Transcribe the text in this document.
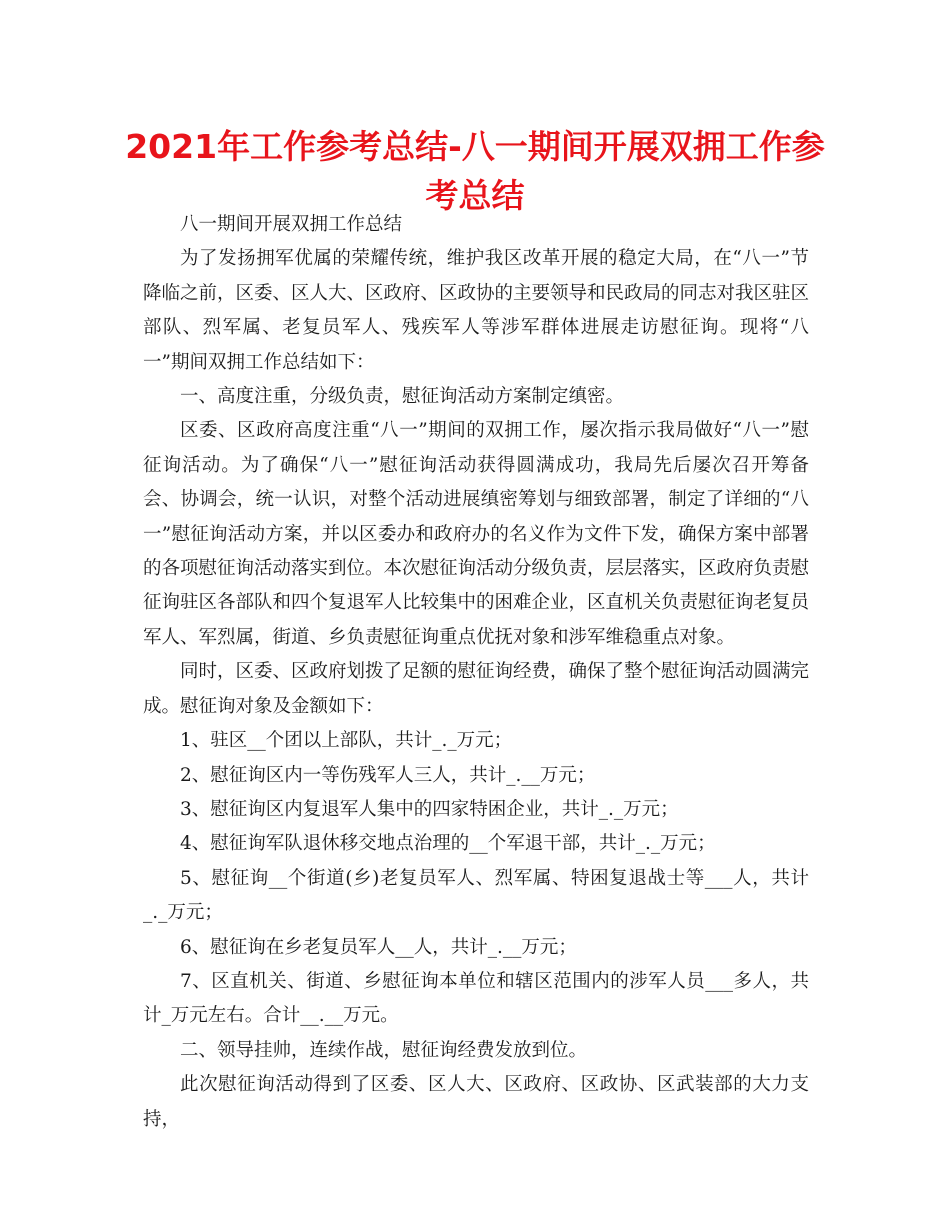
2021年工作参考总结-八一期间开展双拥工作参考总结

八一期间开展双拥工作总结

为了发扬拥军优属的荣耀传统，维护我区改革开展的稳定大局，在“八一”节降临之前，区委、区人大、区政府、区政协的主要领导和民政局的同志对我区驻区部队、烈军属、老复员军人、残疾军人等涉军群体进展走访慰征询。现将“八一”期间双拥工作总结如下：

一、高度注重，分级负责，慰征询活动方案制定缜密。

区委、区政府高度注重“八一”期间的双拥工作，屡次指示我局做好“八一”慰征询活动。为了确保“八一”慰征询活动获得圆满成功，我局先后屡次召开筹备会、协调会，统一认识，对整个活动进展缜密筹划与细致部署，制定了详细的“八一”慰征询活动方案，并以区委办和政府办的名义作为文件下发，确保方案中部署的各项慰征询活动落实到位。本次慰征询活动分级负责，层层落实，区政府负责慰征询驻区各部队和四个复退军人比较集中的困难企业，区直机关负责慰征询老复员军人、军烈属，街道、乡负责慰征询重点优抚对象和涉军维稳重点对象。

同时，区委、区政府划拨了足额的慰征询经费，确保了整个慰征询活动圆满完成。慰征询对象及金额如下：

1、驻区__个团以上部队，共计_._万元；

2、慰征询区内一等伤残军人三人，共计_.__万元；

3、慰征询区内复退军人集中的四家特困企业，共计_._万元；

4、慰征询军队退休移交地点治理的__个军退干部，共计_._万元；

5、慰征询__个街道(乡)老复员军人、烈军属、特困复退战士等___人，共计_._万元；

6、慰征询在乡老复员军人__人，共计_.__万元；

7、区直机关、街道、乡慰征询本单位和辖区范围内的涉军人员___多人，共计_万元左右。合计__.__万元。

二、领导挂帅，连续作战，慰征询经费发放到位。

此次慰征询活动得到了区委、区人大、区政府、区政协、区武装部的大力支持，
